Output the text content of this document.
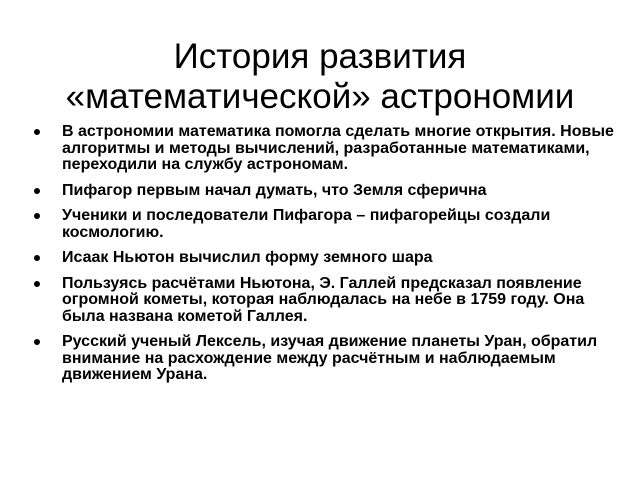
История развития
«математической» астрономии
В астрономии математика помогла сделать многие открытия. Новые алгоритмы и методы вычислений, разработанные математиками, переходили на службу астрономам.
Пифагор первым начал думать, что Земля сферична
Ученики и последователи Пифагора – пифагорейцы создали космологию.
Исаак Ньютон вычислил форму земного шара
Пользуясь расчётами Ньютона, Э. Галлей предсказал появление огромной кометы, которая наблюдалась на небе в 1759 году. Она была названа кометой Галлея.
Русский ученый Лексель, изучая движение планеты Уран, обратил внимание на расхождение между расчётным и наблюдаемым движением Урана.
